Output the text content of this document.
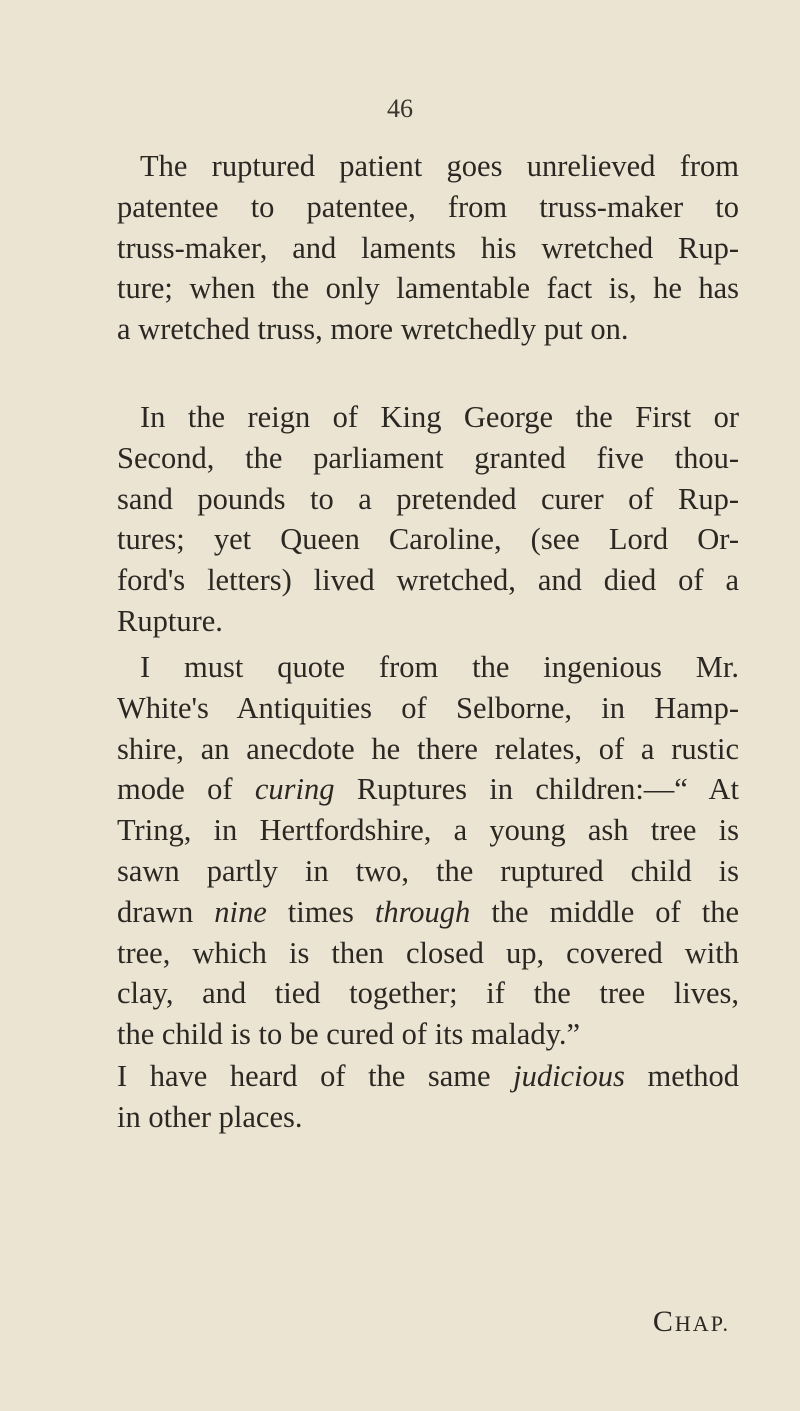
46
The ruptured patient goes unrelieved from
patentee to patentee, from truss-maker to
truss-maker, and laments his wretched Rup-
ture; when the only lamentable fact is, he has
a wretched truss, more wretchedly put on.
In the reign of King George the First or
Second, the parliament granted five thou-
sand pounds to a pretended curer of Rup-
tures; yet Queen Caroline, (see Lord Or-
ford's letters) lived wretched, and died of a
Rupture.
I must quote from the ingenious Mr.
White's Antiquities of Selborne, in Hamp-
shire, an anecdote he there relates, of a rustic
mode of curing Ruptures in children:—“ At
Tring, in Hertfordshire, a young ash tree is
sawn partly in two, the ruptured child is
drawn nine times through the middle of the
tree, which is then closed up, covered with
clay, and tied together; if the tree lives,
the child is to be cured of its malady.”
I have heard of the same judicious method
in other places.
CHAP.
